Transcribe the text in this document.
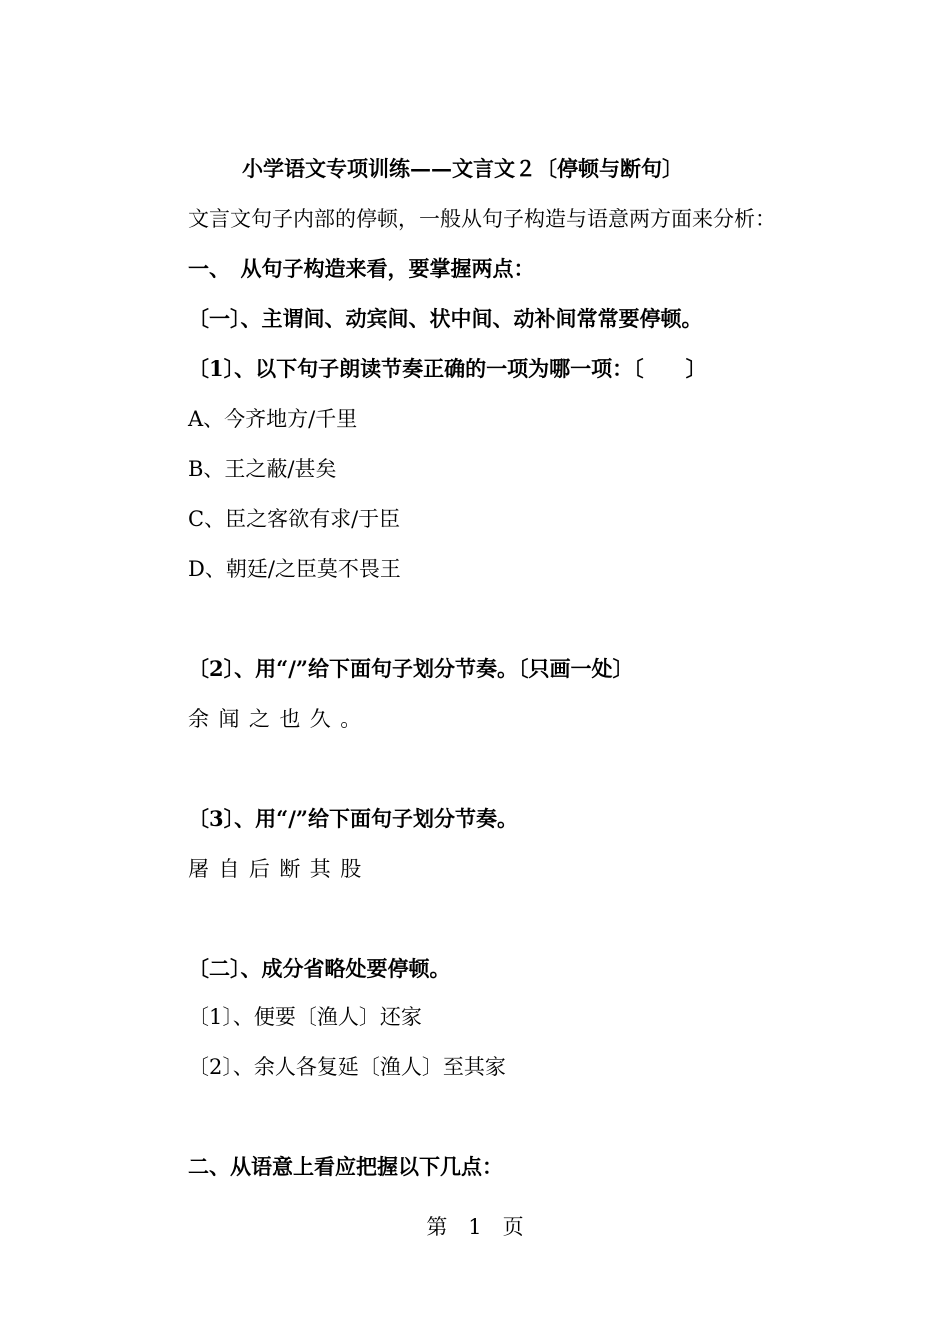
小学语文专项训练——文言文２〔停顿与断句〕
文言文句子内部的停顿，一般从句子构造与语意两方面来分析：
一、　从句子构造来看，要掌握两点：
〔一〕、主谓间、动宾间、状中间、动补间常常要停顿。
〔1〕、以下句子朗读节奏正确的一项为哪一项：〔　　〕
A、今齐地方/千里
B、王之蔽/甚矣
C、臣之客欲有求/于臣
D、朝廷/之臣莫不畏王
〔2〕、用“/”给下面句子划分节奏。〔只画一处〕
余闻之也久。
〔3〕、用“/”给下面句子划分节奏。
屠自后断其股
〔二〕、成分省略处要停顿。
〔1〕、便要〔渔人〕还家
〔2〕、余人各复延〔渔人〕至其家
二、从语意上看应把握以下几点：
第　1　页
